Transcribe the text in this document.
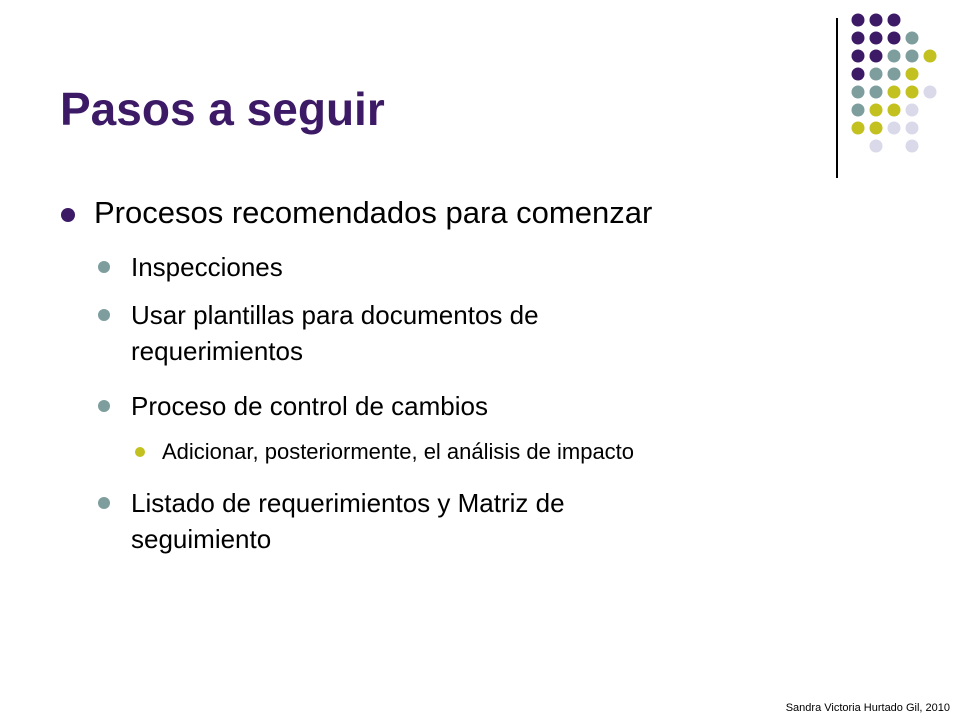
Pasos a seguir
Procesos recomendados para comenzar
Inspecciones
Usar plantillas para documentos de
requerimientos
Proceso de control de cambios
Adicionar, posteriormente, el análisis de impacto
Listado de requerimientos y Matriz de
seguimiento
Sandra Victoria Hurtado Gil, 2010
